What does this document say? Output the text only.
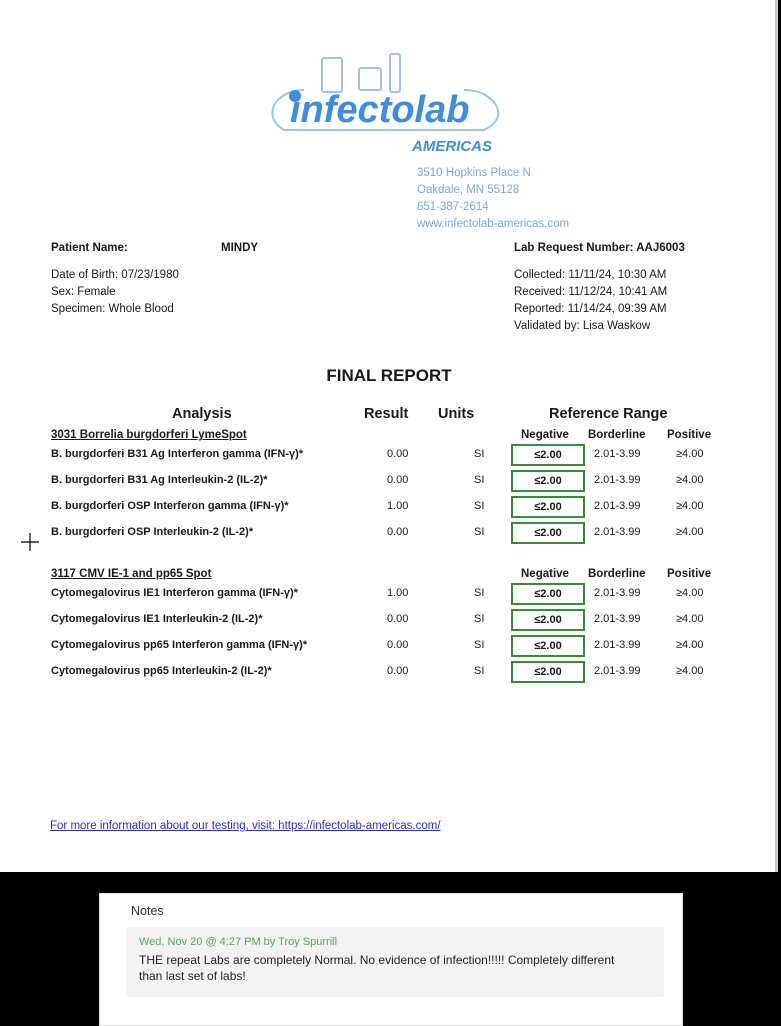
infectolab
AMERICAS
3510 Hopkins Place N
Oakdale, MN 55128
651-387-2614
www.infectolab-americas.com
Patient Name:	MINDY
Date of Birth: 07/23/1980
Sex: Female
Specimen: Whole Blood
Lab Request Number: AAJ6003
Collected: 11/11/24, 10:30 AM
Received: 11/12/24, 10:41 AM
Reported: 11/14/24, 09:39 AM
Validated by: Lisa Waskow
FINAL REPORT
Analysis	Result Units	Reference Range
3031 Borrelia burgdorferi LymeSpot	Negative Borderline Positive
B. burgdorferi B31 Ag Interferon gamma (IFN-γ)*	0.00	SI	≤2.00	2.01-3.99	≥4.00
B. burgdorferi B31 Ag Interleukin-2 (IL-2)*	0.00	SI	≤2.00	2.01-3.99	≥4.00
B. burgdorferi OSP Interferon gamma (IFN-γ)*	1.00	SI	≤2.00	2.01-3.99	≥4.00
B. burgdorferi OSP Interleukin-2 (IL-2)*	0.00	SI	≤2.00	2.01-3.99	≥4.00
3117 CMV IE-1 and pp65 Spot	Negative Borderline Positive
Cytomegalovirus IE1 Interferon gamma (IFN-γ)*	1.00	SI	≤2.00	2.01-3.99	≥4.00
Cytomegalovirus IE1 Interleukin-2 (IL-2)*	0.00	SI	≤2.00	2.01-3.99	≥4.00
Cytomegalovirus pp65 Interferon gamma (IFN-γ)*	0.00	SI	≤2.00	2.01-3.99	≥4.00
Cytomegalovirus pp65 Interleukin-2 (IL-2)*	0.00	SI	≤2.00	2.01-3.99	≥4.00
For more information about our testing, visit: https://infectolab-americas.com/
Notes
Wed, Nov 20 @ 4:27 PM by Troy Spurrill
THE repeat Labs are completely Normal. No evidence of infection!!!!! Completely different than last set of labs!
